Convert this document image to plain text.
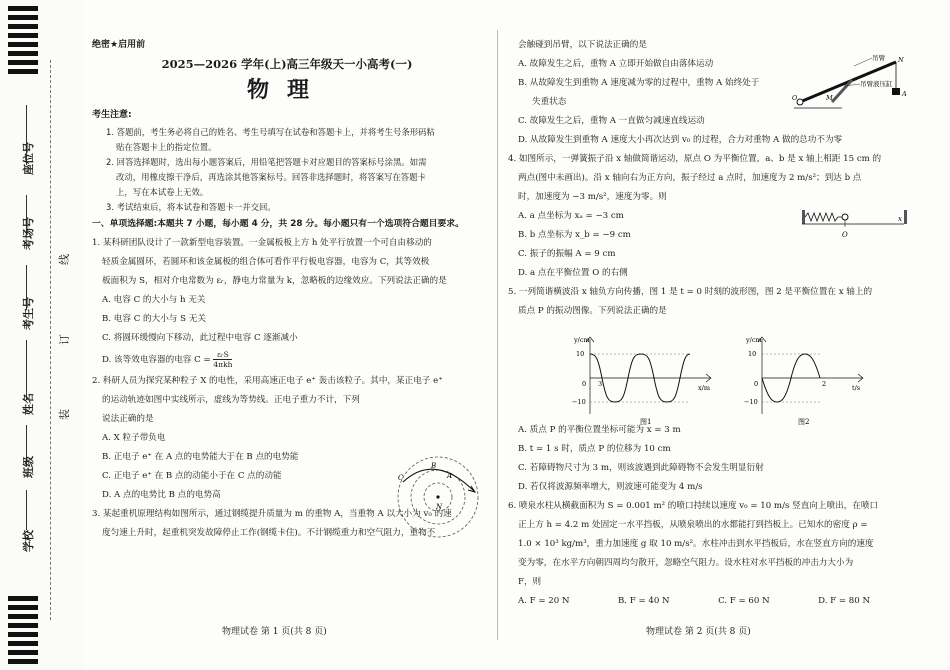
座位号
考场号
考生号
姓名
班级
学校
线
订
装

绝密★启用前

2025—2026 学年(上)高三年级天一小高考(一)

物理

考生注意:

1. 答题前，考生务必将自己的姓名、考生号填写在试卷和答题卡上，并将考生号条形码粘

贴在答题卡上的指定位置。

2. 回答选择题时，选出每小题答案后，用铅笔把答题卡对应题目的答案标号涂黑。如需

改动，用橡皮擦干净后，再选涂其他答案标号。回答非选择题时，将答案写在答题卡

上，写在本试卷上无效。

3. 考试结束后，将本试卷和答题卡一并交回。

一、单项选择题:本题共 7 小题，每小题 4 分，共 28 分。每小题只有一个选项符合题目要求。

1. 某科研团队设计了一款新型电容装置。一金属板板上方 h 处平行放置一个可自由移动的

轻质金属圆环，若圆环和该金属板的组合体可看作平行板电容器，电容为 C，其等效极

板面积为 S，相对介电常数为 εᵣ，静电力常量为 k，忽略板的边缘效应。下列说法正确的是

A. 电容 C 的大小与 h 无关

B. 电容 C 的大小与 S 无关

C. 将圆环缓慢向下移动，此过程中电容 C 逐渐减小

D. 该等效电容器的电容 $C = \frac{\text{εᵣS}}{\text{4πkh}}$

2. 科研人员为探究某种粒子 X 的电性，采用高速正电子 e⁺ 轰击该粒子。其中，某正电子 e⁺

的运动轨迹如图中实线所示，虚线为等势线。正电子重力不计，下列

说法正确的是

A. X 粒子带负电

B. 正电子 e⁺ 在 A 点的电势能大于在 B 点的电势能

C. 正电子 e⁺ 在 B 点的动能小于在 C 点的动能

D. A 点的电势比 B 点的电势高

3. 某起重机原理结构如图所示，通过钢缆提升质量为 m 的重物 A，当重物 A 以大小为 v₀ 的速

度匀速上升时，起重机突发故障停止工作(钢缆卡住)。不计钢缆重力和空气阻力，重物不

C
B
A
N
物理试卷 第 1 页(共 8 页)

会触碰到吊臂，以下说法正确的是

A. 故障发生之后，重物 A 立即开始做自由落体运动

B. 从故障发生到重物 A 速度减为零的过程中，重物 A 始终处于

失重状态

C. 故障发生之后，重物 A 一直做匀减速直线运动

D. 从故障发生到重物 A 速度大小再次达到 v₀ 的过程，合力对重物 A 做的总功不为零

4. 如图所示，一弹簧振子沿 x 轴做简谐运动，原点 O 为平衡位置，a、b 是 x 轴上相距 15 cm 的

两点(图中未画出)。沿 x 轴向右为正方向，振子经过 a 点时，加速度为 2 m/s²；到达 b 点

时，加速度为 −3 m/s²，速度为零。则

A. a 点坐标为 xₐ = −3 cm

B. b 点坐标为 x_b = −9 cm

C. 振子的振幅 A = 9 cm

D. a 点在平衡位置 O 的右侧

5. 一列简谐横波沿 x 轴负方向传播，图 1 是 t = 0 时刻的波形图，图 2 是平衡位置在 x 轴上的

质点 P 的振动图像。下列说法正确的是

A. 质点 P 的平衡位置坐标可能为 x = 3 m

B. t = 1 s 时，质点 P 的位移为 10 cm

C. 若障碍物尺寸为 3 m，则该波遇到此障碍物不会发生明显衍射

D. 若仅将波源频率增大，则波速可能变为 4 m/s

6. 喷泉水柱从横截面积为 S = 0.001 m² 的喷口持续以速度 v₀ = 10 m/s 竖直向上喷出，在喷口

正上方 h = 4.2 m 处固定一水平挡板，从喷泉喷出的水都能打到挡板上。已知水的密度 ρ =

1.0 × 10³ kg/m³，重力加速度 g 取 10 m/s²。水柱冲击到水平挡板后，水在竖直方向的速度

变为零，在水平方向朝四周均匀散开，忽略空气阻力。设水柱对水平挡板的冲击力大小为

F，则

A. F = 20 N	B. F = 40 N	C. F = 60 N	D. F = 80 N
吊臂
吊臂液压缸
O	M
N
A
O
x
y/cm
x/m
10
0
−10
3
图1
y/cm
t/s
10
0
−10
2
图2
物理试卷 第 2 页(共 8 页)
